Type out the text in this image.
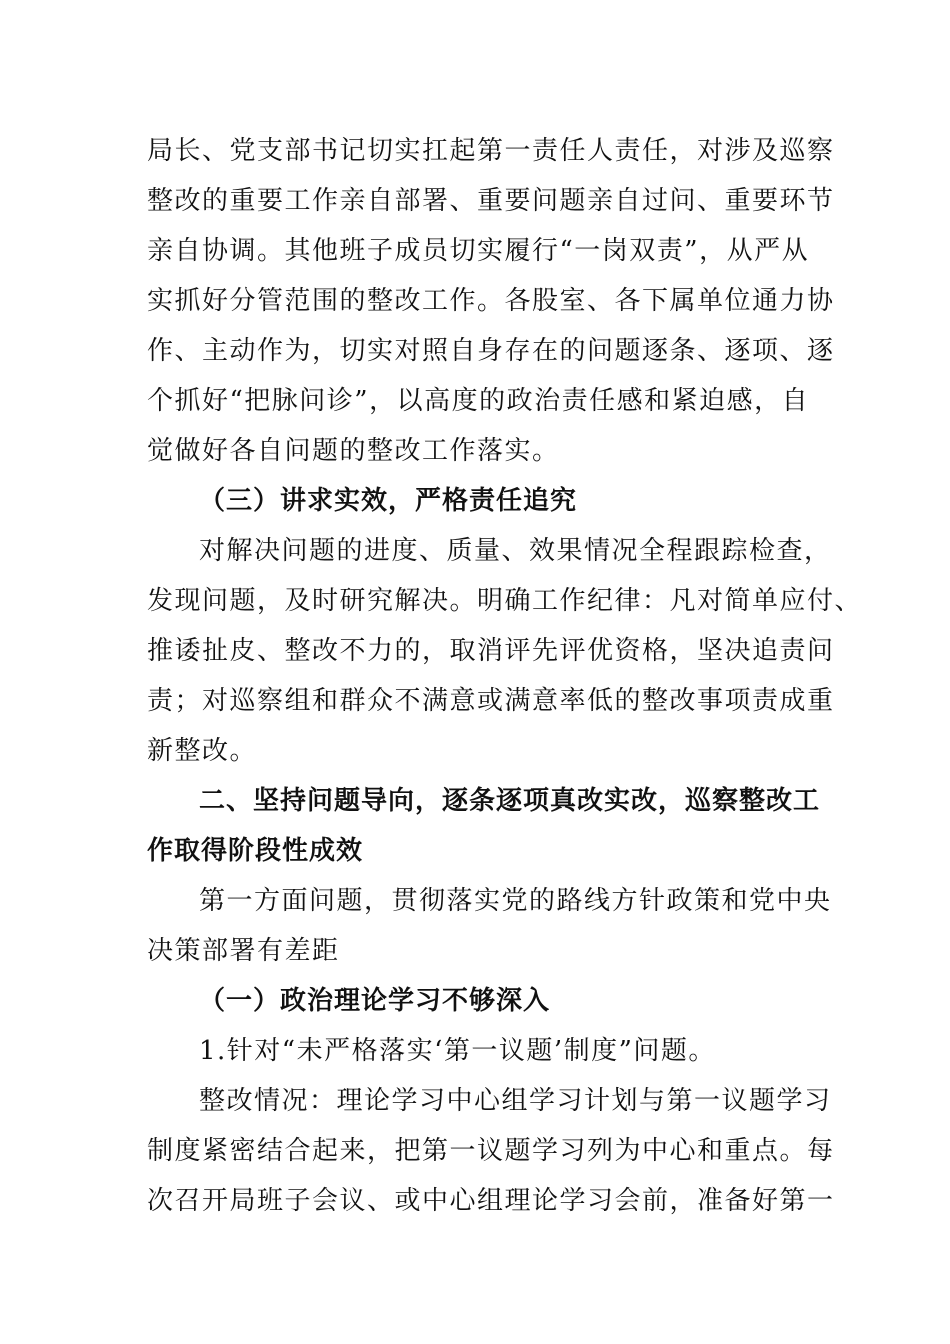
局长、党支部书记切实扛起第一责任人责任，对涉及巡察
整改的重要工作亲自部署、重要问题亲自过问、重要环节
亲自协调。其他班子成员切实履行“一岗双责”，从严从
实抓好分管范围的整改工作。各股室、各下属单位通力协
作、主动作为，切实对照自身存在的问题逐条、逐项、逐
个抓好“把脉问诊”，以高度的政治责任感和紧迫感，自
觉做好各自问题的整改工作落实。
（三）讲求实效，严格责任追究
对解决问题的进度、质量、效果情况全程跟踪检查，
发现问题，及时研究解决。明确工作纪律：凡对简单应付、
推诿扯皮、整改不力的，取消评先评优资格，坚决追责问
责；对巡察组和群众不满意或满意率低的整改事项责成重
新整改。
二、坚持问题导向，逐条逐项真改实改，巡察整改工
作取得阶段性成效
第一方面问题，贯彻落实党的路线方针政策和党中央
决策部署有差距
（一）政治理论学习不够深入
1.针对“未严格落实‘第一议题’制度”问题。
整改情况：理论学习中心组学习计划与第一议题学习
制度紧密结合起来，把第一议题学习列为中心和重点。每
次召开局班子会议、或中心组理论学习会前，准备好第一
